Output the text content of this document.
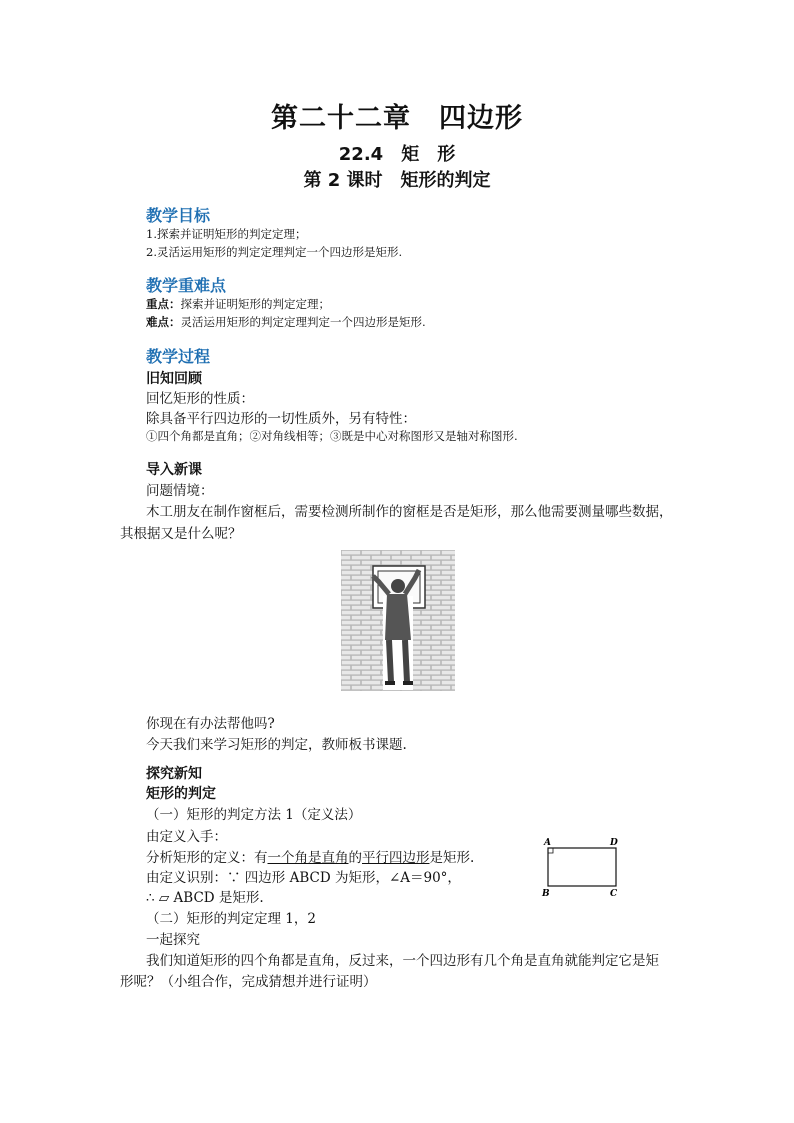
第二十二章　四边形
22.4　矩　形
第 2 课时　矩形的判定
教学目标
1.探索并证明矩形的判定定理；
2.灵活运用矩形的判定定理判定一个四边形是矩形.
教学重难点
重点：探索并证明矩形的判定定理；
难点：灵活运用矩形的判定定理判定一个四边形是矩形.
教学过程
旧知回顾
回忆矩形的性质：
除具备平行四边形的一切性质外，另有特性：
①四个角都是直角；②对角线相等；③既是中心对称图形又是轴对称图形.
导入新课
问题情境：
木工朋友在制作窗框后，需要检测所制作的窗框是否是矩形，那么他需要测量哪些数据，
其根据又是什么呢？
你现在有办法帮他吗?
今天我们来学习矩形的判定，教师板书课题.
探究新知
矩形的判定
（一）矩形的判定方法 1（定义法）
由定义入手：
分析矩形的定义：有一个角是直角的平行四边形是矩形.
由定义识别：∵ 四边形 ABCD 为矩形，∠A＝90°，
∴ ▱ ABCD 是矩形.
（二）矩形的判定定理 1，2
一起探究
我们知道矩形的四个角都是直角，反过来，一个四边形有几个角是直角就能判定它是矩
形呢？（小组合作，完成猜想并进行证明）
A	D
B	C
